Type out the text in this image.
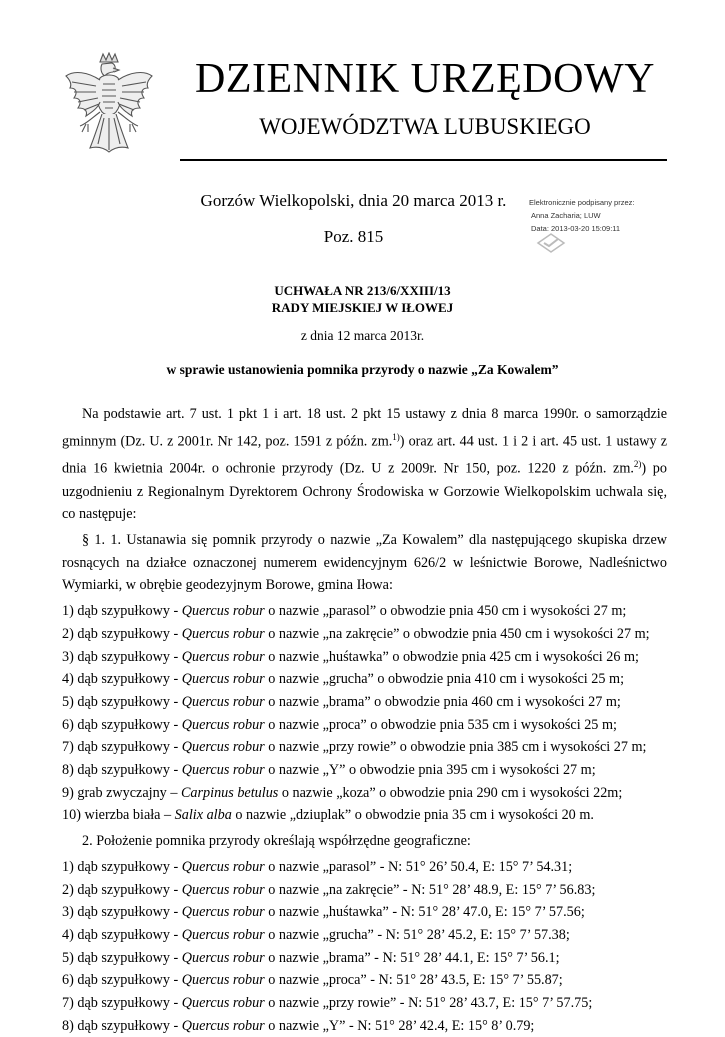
DZIENNIK URZĘDOWY
WOJEWÓDZTWA LUBUSKIEGO
Gorzów Wielkopolski, dnia 20 marca 2013 r.
Poz. 815
Elektronicznie podpisany przez:
Anna Zacharia; LUW
Data: 2013-03-20 15:09:11
UCHWAŁA NR 213/6/XXIII/13
RADY MIEJSKIEJ W IŁOWEJ
z dnia 12 marca 2013r.
w sprawie ustanowienia pomnika przyrody o nazwie „Za Kowalem”

Na podstawie art. 7 ust. 1 pkt 1 i art. 18 ust. 2 pkt 15 ustawy z dnia 8 marca 1990r. o samorządzie gminnym (Dz. U. z 2001r. Nr 142, poz. 1591 z późn. zm.$^{1)}$) oraz art. 44 ust. 1 i 2 i art. 45 ust. 1 ustawy z dnia 16 kwietnia 2004r. o ochronie przyrody (Dz. U z 2009r. Nr 150, poz. 1220 z późn. zm.$^{2)}$) po uzgodnieniu z Regionalnym Dyrektorem Ochrony Środowiska w Gorzowie Wielkopolskim uchwala się, co następuje:

§ 1. 1. Ustanawia się pomnik przyrody o nazwie „Za Kowalem” dla następującego skupiska drzew rosnących na działce oznaczonej numerem ewidencyjnym 626/2 w leśnictwie Borowe, Nadleśnictwo Wymiarki, w obrębie geodezyjnym Borowe, gmina Iłowa:

1) dąb szypułkowy - Quercus robur o nazwie „parasol” o obwodzie pnia 450 cm i wysokości 27 m;
2) dąb szypułkowy - Quercus robur o nazwie „na zakręcie” o obwodzie pnia 450 cm i wysokości 27 m;
3) dąb szypułkowy - Quercus robur o nazwie „huśtawka” o obwodzie pnia 425 cm i wysokości 26 m;
4) dąb szypułkowy - Quercus robur o nazwie „grucha” o obwodzie pnia 410 cm i wysokości 25 m;
5) dąb szypułkowy - Quercus robur o nazwie „brama” o obwodzie pnia 460 cm i wysokości 27 m;
6) dąb szypułkowy - Quercus robur o nazwie „proca” o obwodzie pnia 535 cm i wysokości 25 m;
7) dąb szypułkowy - Quercus robur o nazwie „przy rowie” o obwodzie pnia 385 cm i wysokości 27 m;
8) dąb szypułkowy - Quercus robur o nazwie „Y” o obwodzie pnia 395 cm i wysokości 27 m;
9) grab zwyczajny – Carpinus betulus o nazwie „koza” o obwodzie pnia 290 cm i wysokości 22m;
10) wierzba biała – Salix alba o nazwie „dziuplak” o obwodzie pnia 35 cm i wysokości 20 m.

2. Położenie pomnika przyrody określają współrzędne geograficzne:

1) dąb szypułkowy - Quercus robur o nazwie „parasol” - N: 51° 26’ 50.4, E: 15° 7’ 54.31;
2) dąb szypułkowy - Quercus robur o nazwie „na zakręcie” - N: 51° 28’ 48.9, E: 15° 7’ 56.83;
3) dąb szypułkowy - Quercus robur o nazwie „huśtawka” - N: 51° 28’ 47.0, E: 15° 7’ 57.56;
4) dąb szypułkowy - Quercus robur o nazwie „grucha” - N: 51° 28’ 45.2, E: 15° 7’ 57.38;
5) dąb szypułkowy - Quercus robur o nazwie „brama” - N: 51° 28’ 44.1, E: 15° 7’ 56.1;
6) dąb szypułkowy - Quercus robur o nazwie „proca” - N: 51° 28’ 43.5, E: 15° 7’ 55.87;
7) dąb szypułkowy - Quercus robur o nazwie „przy rowie” - N: 51° 28’ 43.7, E: 15° 7’ 57.75;
8) dąb szypułkowy - Quercus robur o nazwie „Y” - N: 51° 28’ 42.4, E: 15° 8’ 0.79;
